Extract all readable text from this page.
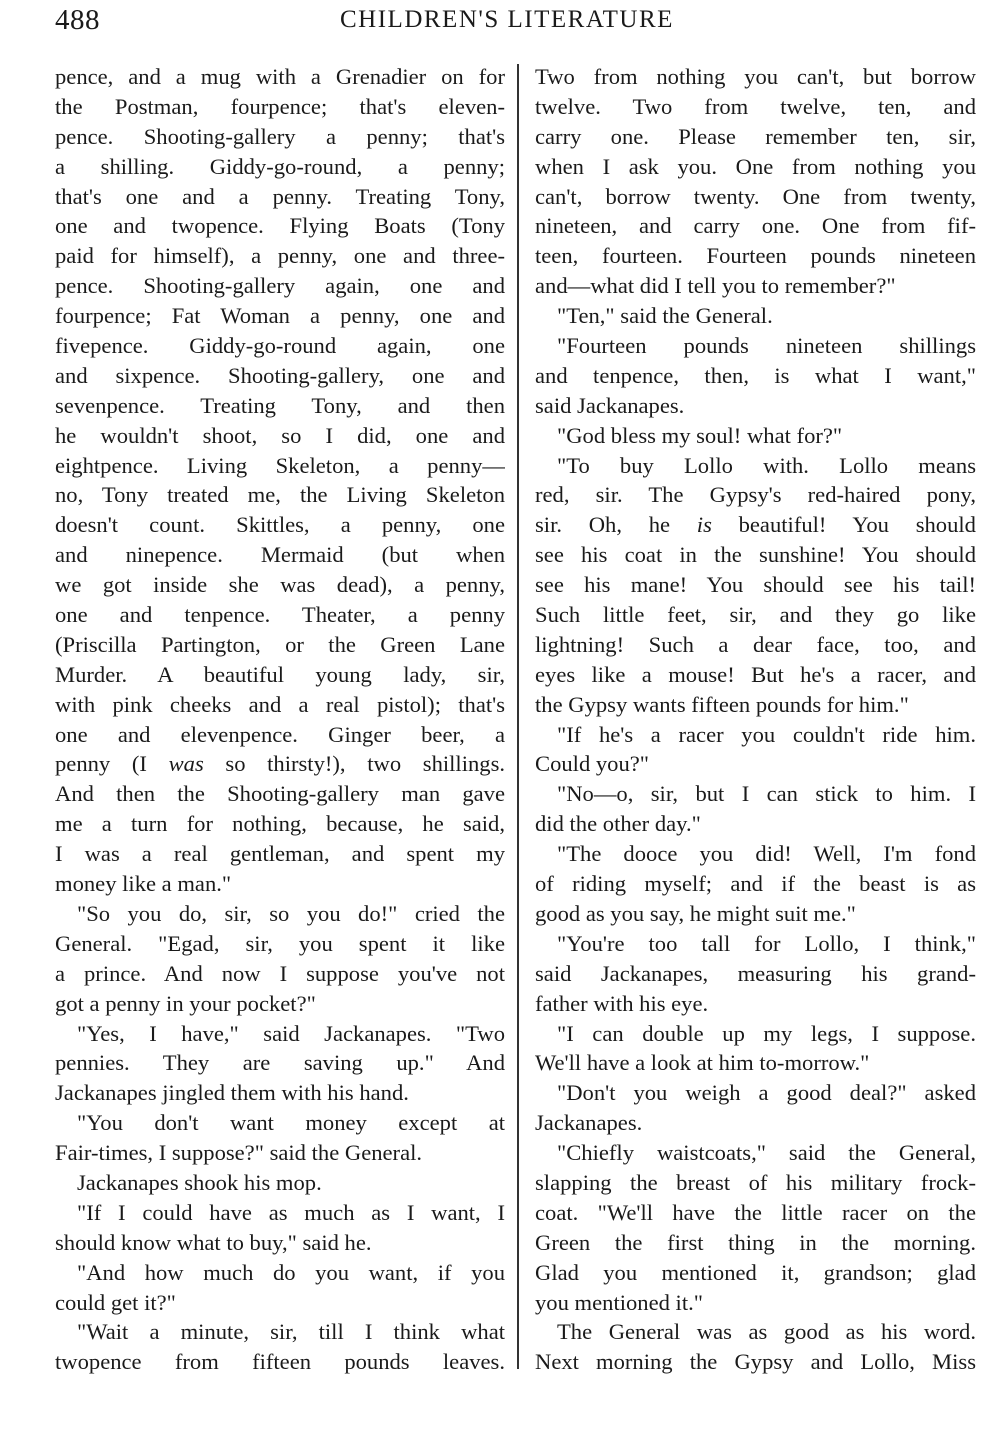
488	CHILDREN'S LITERATURE
pence, and a mug with a Grenadier on for
the Postman, fourpence; that's eleven-
pence. Shooting-gallery a penny; that's
a shilling. Giddy-go-round, a penny;
that's one and a penny. Treating Tony,
one and twopence. Flying Boats (Tony
paid for himself), a penny, one and three-
pence. Shooting-gallery again, one and
fourpence; Fat Woman a penny, one and
fivepence. Giddy-go-round again, one
and sixpence. Shooting-gallery, one and
sevenpence. Treating Tony, and then
he wouldn't shoot, so I did, one and
eightpence. Living Skeleton, a penny—
no, Tony treated me, the Living Skeleton
doesn't count. Skittles, a penny, one
and ninepence. Mermaid (but when
we got inside she was dead), a penny,
one and tenpence. Theater, a penny
(Priscilla Partington, or the Green Lane
Murder. A beautiful young lady, sir,
with pink cheeks and a real pistol); that's
one and elevenpence. Ginger beer, a
penny (I was so thirsty!), two shillings.
And then the Shooting-gallery man gave
me a turn for nothing, because, he said,
I was a real gentleman, and spent my
money like a man."
"So you do, sir, so you do!" cried the
General. "Egad, sir, you spent it like
a prince. And now I suppose you've not
got a penny in your pocket?"
"Yes, I have," said Jackanapes. "Two
pennies. They are saving up." And
Jackanapes jingled them with his hand.
"You don't want money except at
Fair-times, I suppose?" said the General.
Jackanapes shook his mop.
"If I could have as much as I want, I
should know what to buy," said he.
"And how much do you want, if you
could get it?"
"Wait a minute, sir, till I think what
twopence from fifteen pounds leaves.
Two from nothing you can't, but borrow
twelve. Two from twelve, ten, and
carry one. Please remember ten, sir,
when I ask you. One from nothing you
can't, borrow twenty. One from twenty,
nineteen, and carry one. One from fif-
teen, fourteen. Fourteen pounds nineteen
and—what did I tell you to remember?"
"Ten," said the General.
"Fourteen pounds nineteen shillings
and tenpence, then, is what I want,"
said Jackanapes.
"God bless my soul! what for?"
"To buy Lollo with. Lollo means
red, sir. The Gypsy's red-haired pony,
sir. Oh, he is beautiful! You should
see his coat in the sunshine! You should
see his mane! You should see his tail!
Such little feet, sir, and they go like
lightning! Such a dear face, too, and
eyes like a mouse! But he's a racer, and
the Gypsy wants fifteen pounds for him."
"If he's a racer you couldn't ride him.
Could you?"
"No—o, sir, but I can stick to him. I
did the other day."
"The dooce you did! Well, I'm fond
of riding myself; and if the beast is as
good as you say, he might suit me."
"You're too tall for Lollo, I think,"
said Jackanapes, measuring his grand-
father with his eye.
"I can double up my legs, I suppose.
We'll have a look at him to-morrow."
"Don't you weigh a good deal?" asked
Jackanapes.
"Chiefly waistcoats," said the General,
slapping the breast of his military frock-
coat. "We'll have the little racer on the
Green the first thing in the morning.
Glad you mentioned it, grandson; glad
you mentioned it."
The General was as good as his word.
Next morning the Gypsy and Lollo, Miss
